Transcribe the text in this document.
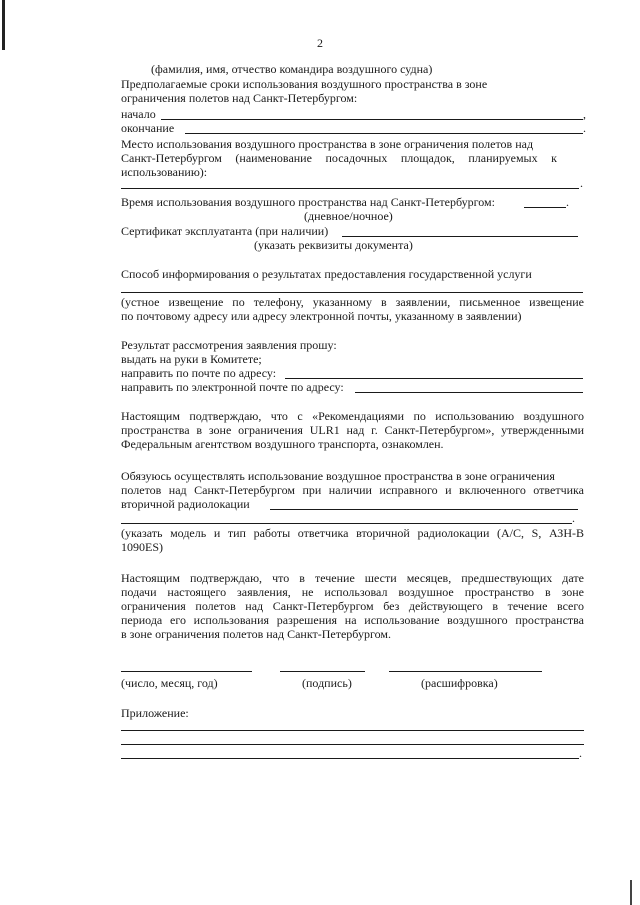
2
(фамилия, имя, отчество командира воздушного судна)
Предполагаемые сроки использования воздушного пространства в зоне
ограничения полетов над Санкт-Петербургом:
начало	,
окончание	.
Место использования воздушного пространства в зоне ограничения полетов над
Санкт-Петербургом (наименование посадочных площадок, планируемых к
использованию):
.
Время использования воздушного пространства над Санкт-Петербургом:	.
(дневное/ночное)
Сертификат эксплуатанта (при наличии)
(указать реквизиты документа)
Способ информирования о результатах предоставления государственной услуги
(устное извещение по телефону, указанному в заявлении, письменное извещение
по почтовому адресу или адресу электронной почты, указанному в заявлении)
Результат рассмотрения заявления прошу:
выдать на руки в Комитете;
направить по почте по адресу:
направить по электронной почте по адресу:
Настоящим подтверждаю, что с «Рекомендациями по использованию воздушного
пространства в зоне ограничения ULR1 над г. Санкт-Петербургом», утвержденными
Федеральным агентством воздушного транспорта, ознакомлен.
Обязуюсь осуществлять использование воздушное пространства в зоне ограничения
полетов над Санкт-Петербургом при наличии исправного и включенного ответчика
вторичной радиолокации
.
(указать модель и тип работы ответчика вторичной радиолокации (A/C, S, АЗН-В
1090ES)
Настоящим подтверждаю, что в течение шести месяцев, предшествующих дате
подачи настоящего заявления, не использовал воздушное пространство в зоне
ограничения полетов над Санкт-Петербургом без действующего в течение всего
периода его использования разрешения на использование воздушного пространства
в зоне ограничения полетов над Санкт-Петербургом.
(число, месяц, год)	(подпись)	(расшифровка)
Приложение:
.
